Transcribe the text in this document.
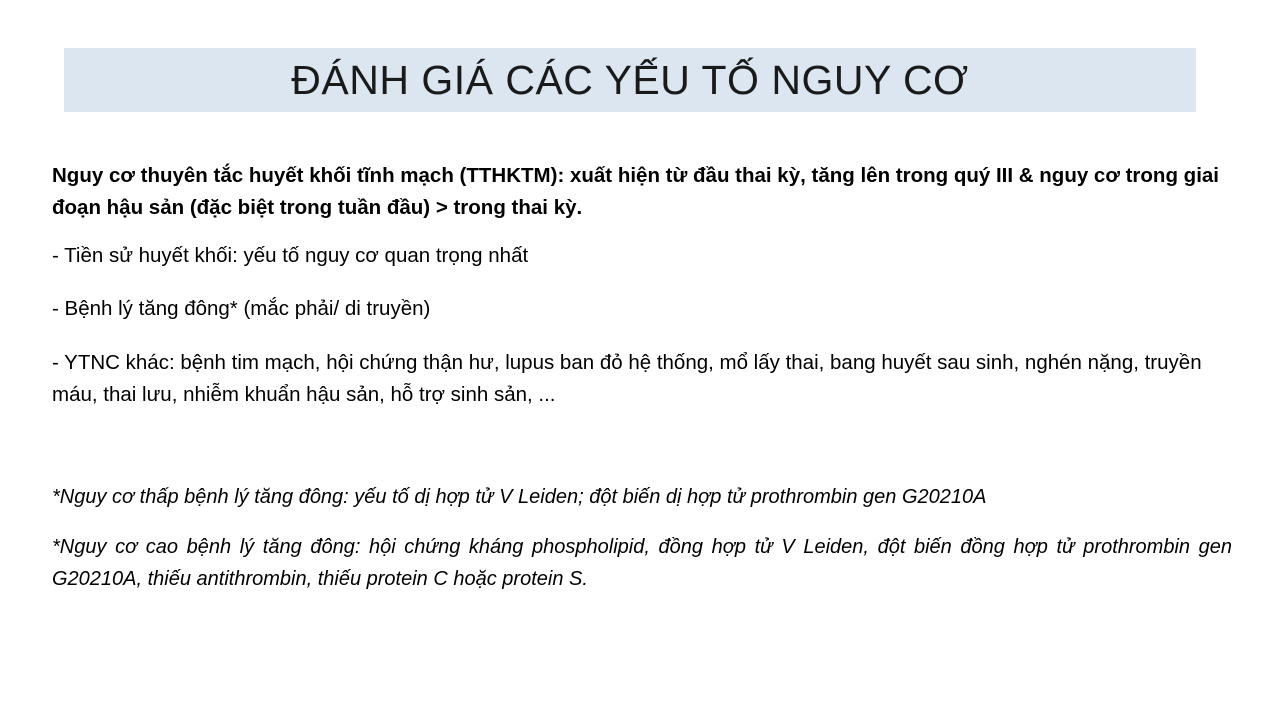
ĐÁNH GIÁ CÁC YẾU TỐ NGUY CƠ

Nguy cơ thuyên tắc huyết khối tĩnh mạch (TTHKTM): xuất hiện từ đầu thai kỳ, tăng lên trong quý III & nguy cơ trong giai đoạn hậu sản (đặc biệt trong tuần đầu) > trong thai kỳ.

- Tiền sử huyết khối: yếu tố nguy cơ quan trọng nhất

- Bệnh lý tăng đông* (mắc phải/ di truyền)

- YTNC khác: bệnh tim mạch, hội chứng thận hư, lupus ban đỏ hệ thống, mổ lấy thai, bang huyết sau sinh, nghén nặng, truyền máu, thai lưu, nhiễm khuẩn hậu sản, hỗ trợ sinh sản, ...

*Nguy cơ thấp bệnh lý tăng đông: yếu tố dị hợp tử V Leiden; đột biến dị hợp tử prothrombin gen G20210A

*Nguy cơ cao bệnh lý tăng đông: hội chứng kháng phospholipid, đồng hợp tử V Leiden, đột biến đồng hợp tử prothrombin gen G20210A, thiếu antithrombin, thiếu protein C hoặc protein S.
